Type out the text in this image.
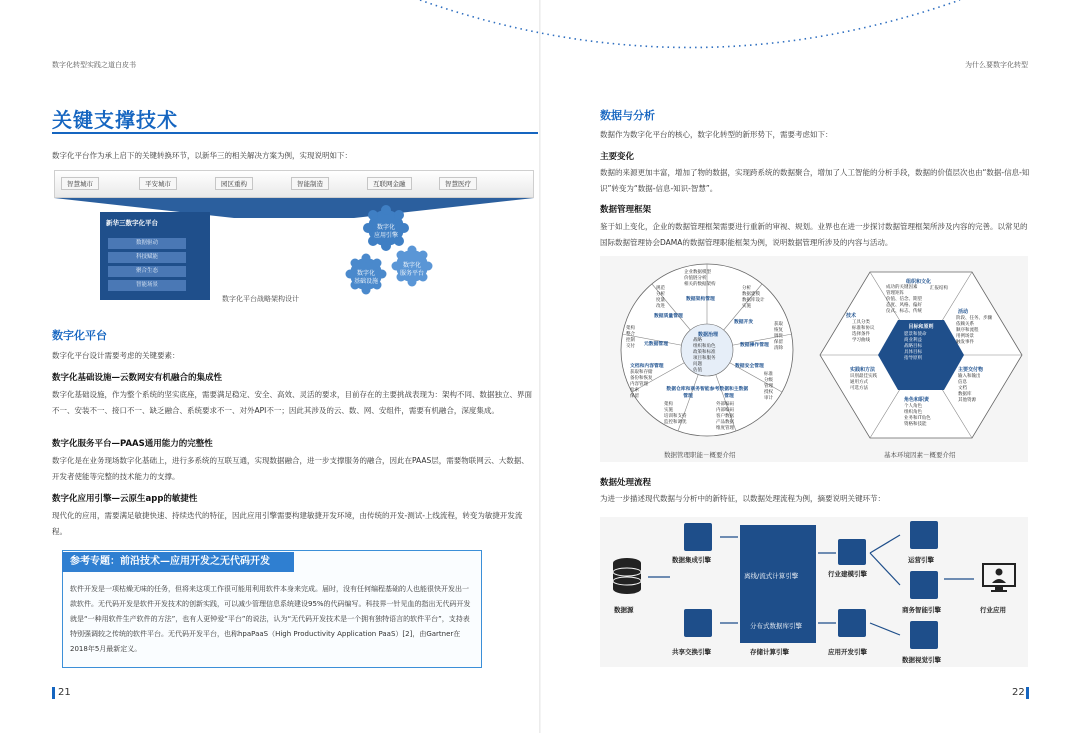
数字化转型实践之道白皮书	为什么要数字化转型
关键支撑技术
数字化平台作为承上启下的关键转换环节，以新华三的相关解决方案为例，实现说明如下：
智慧城市	平安城市	园区重构	智能制造	互联网金融	智慧医疗
新华三数字化平台
数据驱动
科技赋能
聚合生态
智能场景
数字化
应用引擎
数字化
服务平台
数字化
基础设施
数字化平台战略架构设计
数字化平台
数字化平台设计需要考虑的关键要素：
数字化基础设施—云数网安有机融合的集成性
数字化基础设施，作为整个系统的坚实底座，需要满足稳定、安全、高效、灵活的要求，目前存在的主要挑战表现为：架构不同、数据独立、界面不一、安装不一、接口不一、缺乏融合、系统要求不一、对外API不一；因此其涉及的云、数、网、安组件，需要有机融合，深度集成。
数字化服务平台—PAAS通用能力的完整性
数字化是在业务现场数字化基础上，进行多系统的互联互通，实现数据融合，进一步支撑服务的融合，因此在PAAS层，需要物联网云、大数据、开发者使能等完整的技术能力的支撑。
数字化应用引擎—云原生app的敏捷性
现代化的应用，需要满足敏捷快速、持续迭代的特征，因此应用引擎需要构建敏捷开发环境，由传统的开发-测试-上线流程，转变为敏捷开发流程。
参考专题：前沿技术—应用开发之无代码开发
软件开发是一项枯燥无味的任务，但将来这项工作很可能用利用软件本身来完成。届时，没有任何编程基础的人也能很快开发出一款软件。无代码开发是软件开发技术的创新实践，可以减少管理信息系统建设95%的代码编写。科技界一针见血的指出无代码开发就是“一种用软件生产软件的方法”，也有人更钟爱“平台”的说法，认为“无代码开发技术是一个拥有独特语言的软件平台”，支持表特别强调较之传统的软件平台。无代码开发平台，也称hpaPaaS（High Productivity Application PaaS）[2]，由Gartner在2018年5月最新定义。
21
数据与分析
数据作为数字化平台的核心，数字化转型的新形势下，需要考虑如下：
主要变化
数据的来源更加丰富，增加了物的数据，实现跨系统的数据聚合，增加了人工智能的分析手段，数据的价值层次也由“数据-信息-知识”转变为“数据-信息-知识-智慧”。
数据管理框架
鉴于如上变化，企业的数据管理框架需要进行重新的审视、规划。业界也在进一步探讨数据管理框架所涉及内容的完善。以常见的国际数据管理协会DAMA的数据管理职能框架为例，说明数据管理所涉及的内容与活动。
数据治理
战略
组织和角色
政策和标准
项目和服务
问题
估值
数据架构管理
数据开发
数据操作管理
数据安全管理
参考数据和主数据管理
数据仓库和商务智能管理
文档和内容管理
元数据管理
数据质量管理
企业数据模型
价值链分析
相关的数据架构
分析
数据建模
数据库设计
实施
获取
恢复
调优
保留
清除
标准
分级
管理
授权
审计
外部编码
内部编码
客户数据
产品数据
维度管理
架构
实施
培训和支持
监控和调优
获取和存储
备份和恢复
内容管理
检索
保留
架构
整合
控制
交付
规范
分析
度量
改进
数据管理职能－概要介绍
目标和原则
愿景和使命
商业利益
战略目标
具体目标
指导原则
组织和文化
成功的关键因素
管理矩阵
价值、信念、期望
态度、风格、偏好
仪式、标志、传统
汇报结构
活动
阶段、任务、步骤
依赖关系
顺序和流程
用例场景
触发事件
主要交付物
输入和输出
信息
文档
数据库
其他资源
角色和职责
个人角色
组织角色
业务和IT角色
资格和技能
实践和方法
识别最佳实践
通用方式
可选方法
技术
工具分类
标准和协议
选择条件
学习曲线
基本环境因素－概要介绍
数据处理流程
为进一步描述现代数据与分析中的新特征，以数据处理流程为例，摘要说明关键环节：
数据源
数据集成引擎
共享交换引擎
离线/流式计算引擎
分布式数据库引擎
存储计算引擎
行业建模引擎
应用开发引擎
运营引擎
商务智能引擎
数据视觉引擎
行业应用
22
